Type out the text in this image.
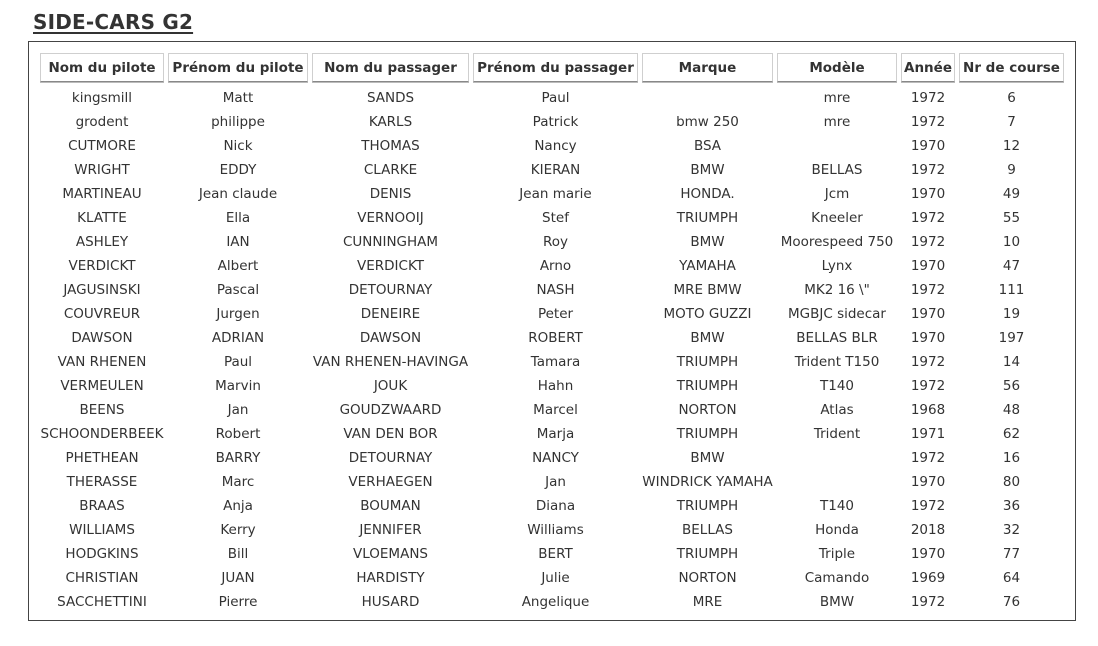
SIDE-CARS G2
Nom du pilote	Prénom du pilote	Nom du passager	Prénom du passager	Marque	Modèle	Année	Nr de course
kingsmill	Matt	SANDS	Paul		mre	1972	6
grodent	philippe	KARLS	Patrick	bmw 250	mre	1972	7
CUTMORE	Nick	THOMAS	Nancy	BSA		1970	12
WRIGHT	EDDY	CLARKE	KIERAN	BMW	BELLAS	1972	9
MARTINEAU	Jean claude	DENIS	Jean marie	HONDA.	Jcm	1970	49
KLATTE	Ella	VERNOOIJ	Stef	TRIUMPH	Kneeler	1972	55
ASHLEY	IAN	CUNNINGHAM	Roy	BMW	Moorespeed 750	1972	10
VERDICKT	Albert	VERDICKT	Arno	YAMAHA	Lynx	1970	47
JAGUSINSKI	Pascal	DETOURNAY	NASH	MRE BMW	MK2 16 \"	1972	111
COUVREUR	Jurgen	DENEIRE	Peter	MOTO GUZZI	MGBJC sidecar	1970	19
DAWSON	ADRIAN	DAWSON	ROBERT	BMW	BELLAS BLR	1970	197
VAN RHENEN	Paul	VAN RHENEN-HAVINGA	Tamara	TRIUMPH	Trident T150	1972	14
VERMEULEN	Marvin	JOUK	Hahn	TRIUMPH	T140	1972	56
BEENS	Jan	GOUDZWAARD	Marcel	NORTON	Atlas	1968	48
SCHOONDERBEEK	Robert	VAN DEN BOR	Marja	TRIUMPH	Trident	1971	62
PHETHEAN	BARRY	DETOURNAY	NANCY	BMW		1972	16
THERASSE	Marc	VERHAEGEN	Jan	WINDRICK YAMAHA		1970	80
BRAAS	Anja	BOUMAN	Diana	TRIUMPH	T140	1972	36
WILLIAMS	Kerry	JENNIFER	Williams	BELLAS	Honda	2018	32
HODGKINS	Bill	VLOEMANS	BERT	TRIUMPH	Triple	1970	77
CHRISTIAN	JUAN	HARDISTY	Julie	NORTON	Camando	1969	64
SACCHETTINI	Pierre	HUSARD	Angelique	MRE	BMW	1972	76
